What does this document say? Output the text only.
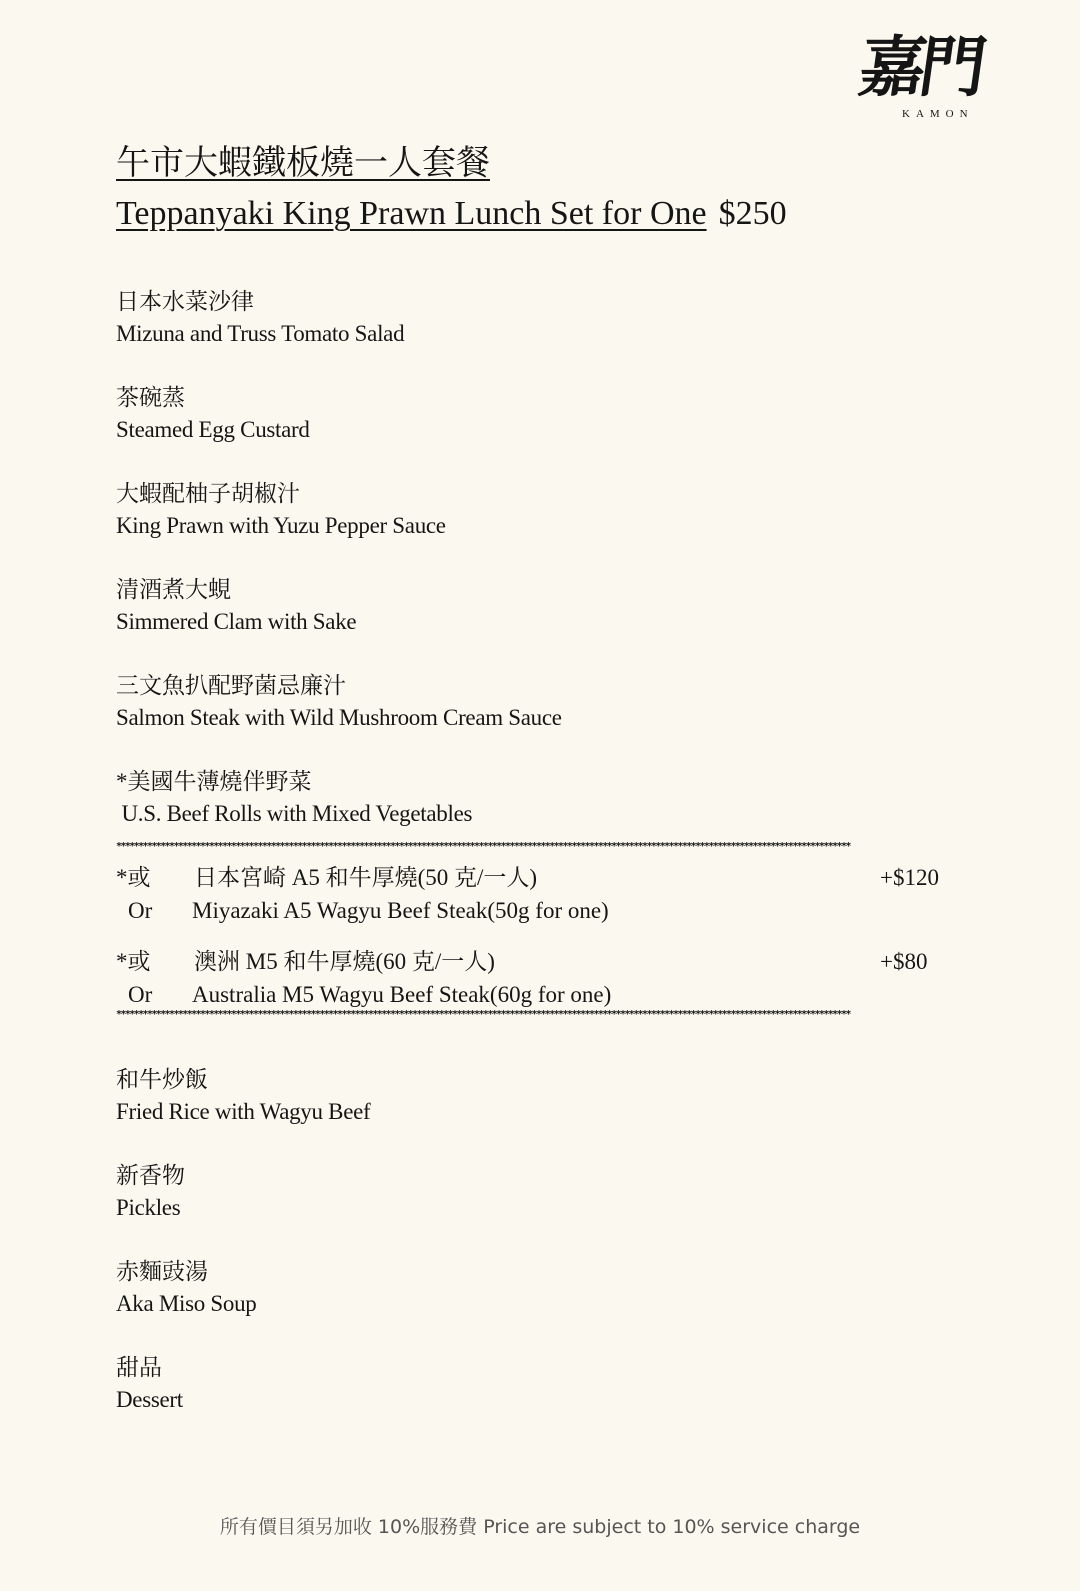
嘉門
KAMON
午市大蝦鐵板燒一人套餐
Teppanyaki King Prawn Lunch Set for One $250
日本水菜沙律
Mizuna and Truss Tomato Salad
茶碗蒸
Steamed Egg Custard
大蝦配柚子胡椒汁
King Prawn with Yuzu Pepper Sauce
清酒煮大蜆
Simmered Clam with Sake
三文魚扒配野菌忌廉汁
Salmon Steak with Wild Mushroom Cream Sauce
*美國牛薄燒伴野菜
U.S. Beef Rolls with Mixed Vegetables
**********************************************************************************************************************************************************************
*或 日本宮崎 A5 和牛厚燒(50 克/一人)	+$120
Or Miyazaki A5 Wagyu Beef Steak(50g for one)
*或 澳洲 M5 和牛厚燒(60 克/一人)	+$80
Or Australia M5 Wagyu Beef Steak(60g for one)
**********************************************************************************************************************************************************************
和牛炒飯
Fried Rice with Wagyu Beef
新香物
Pickles
赤麵豉湯
Aka Miso Soup
甜品
Dessert
所有價目須另加收 10%服務費 Price are subject to 10% service charge
